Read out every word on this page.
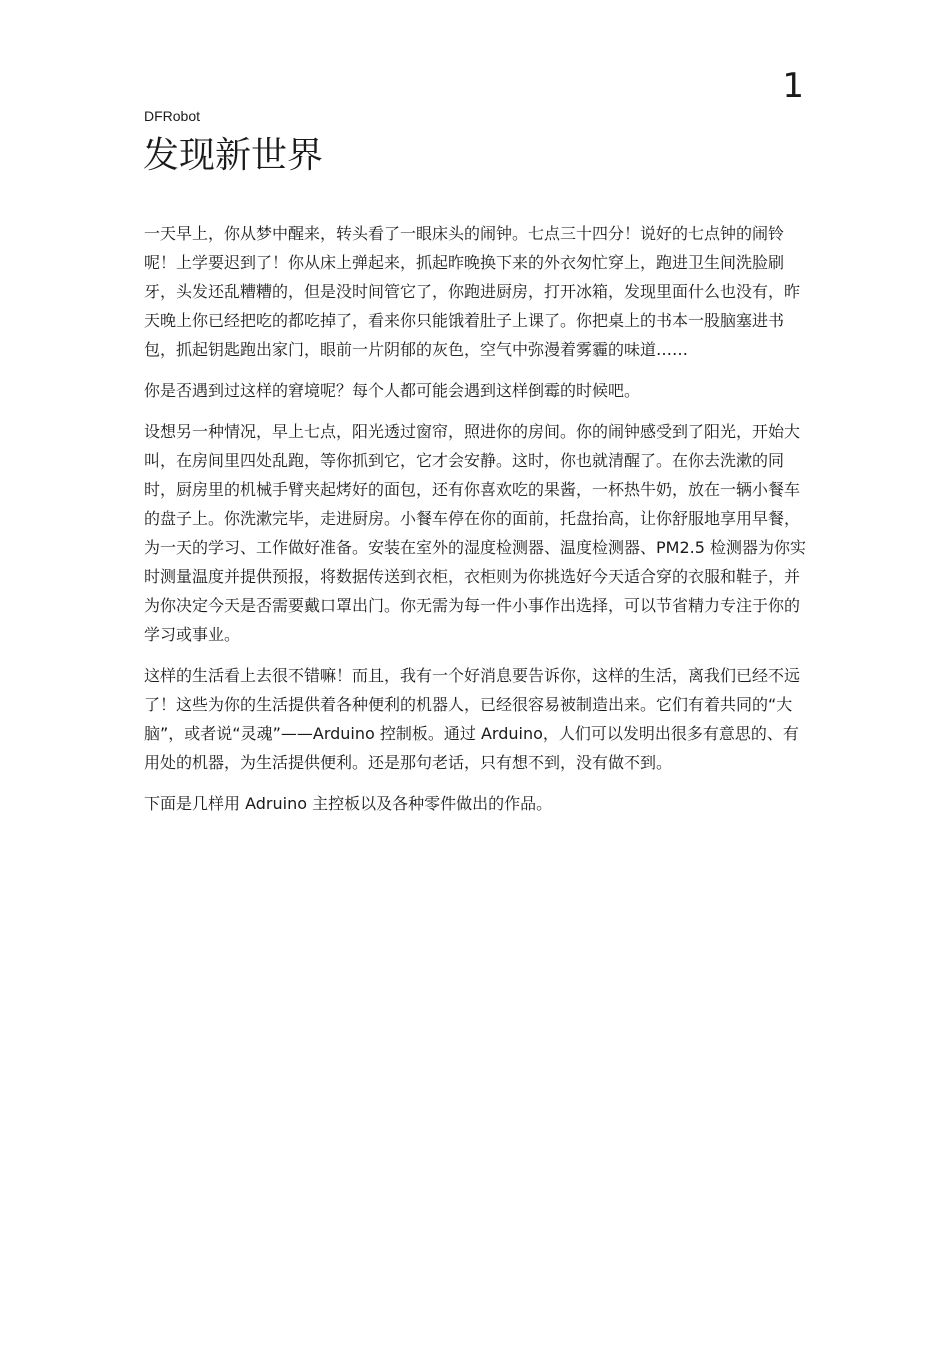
1
DFRobot
发现新世界

一天早上，你从梦中醒来，转头看了一眼床头的闹钟。七点三十四分！说好的七点钟的闹铃呢！上学要迟到了！你从床上弹起来，抓起昨晚换下来的外衣匆忙穿上，跑进卫生间洗脸刷牙，头发还乱糟糟的，但是没时间管它了，你跑进厨房，打开冰箱，发现里面什么也没有，昨天晚上你已经把吃的都吃掉了，看来你只能饿着肚子上课了。你把桌上的书本一股脑塞进书包，抓起钥匙跑出家门，眼前一片阴郁的灰色，空气中弥漫着雾霾的味道……

你是否遇到过这样的窘境呢？每个人都可能会遇到这样倒霉的时候吧。

设想另一种情况，早上七点，阳光透过窗帘，照进你的房间。你的闹钟感受到了阳光，开始大叫，在房间里四处乱跑，等你抓到它，它才会安静。这时，你也就清醒了。在你去洗漱的同时，厨房里的机械手臂夹起烤好的面包，还有你喜欢吃的果酱，一杯热牛奶，放在一辆小餐车的盘子上。你洗漱完毕，走进厨房。小餐车停在你的面前，托盘抬高，让你舒服地享用早餐，为一天的学习、工作做好准备。安装在室外的湿度检测器、温度检测器、PM2.5 检测器为你实时测量温度并提供预报，将数据传送到衣柜，衣柜则为你挑选好今天适合穿的衣服和鞋子，并为你决定今天是否需要戴口罩出门。你无需为每一件小事作出选择，可以节省精力专注于你的学习或事业。

这样的生活看上去很不错嘛！而且，我有一个好消息要告诉你，这样的生活，离我们已经不远了！这些为你的生活提供着各种便利的机器人，已经很容易被制造出来。它们有着共同的“大脑”，或者说“灵魂”——Arduino 控制板。通过 Arduino，人们可以发明出很多有意思的、有用处的机器，为生活提供便利。还是那句老话，只有想不到，没有做不到。

下面是几样用 Adruino 主控板以及各种零件做出的作品。
